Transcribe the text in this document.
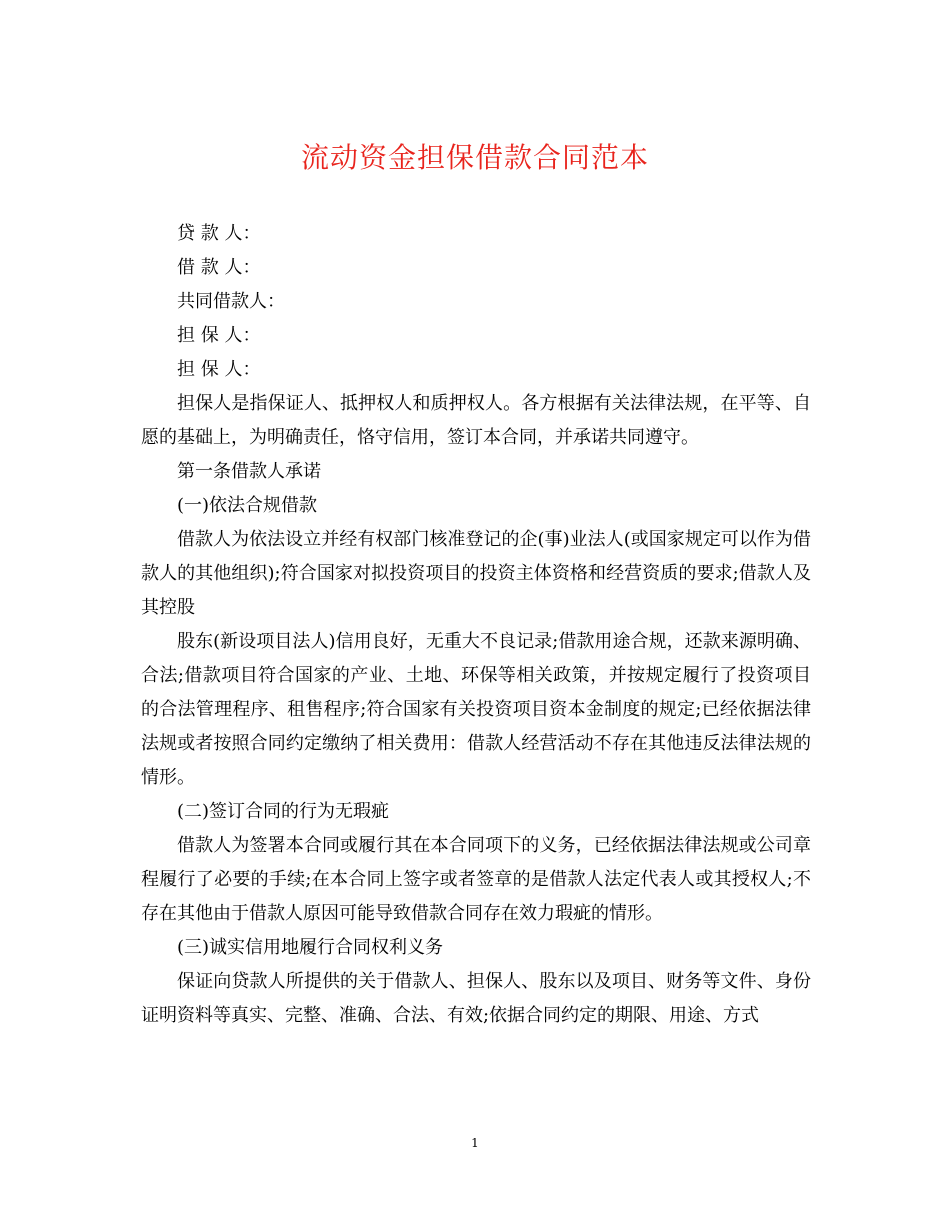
流动资金担保借款合同范本

贷 款 人：

借 款 人：

共同借款人：

担 保 人：

担 保 人：

担保人是指保证人、抵押权人和质押权人。各方根据有关法律法规，在平等、自愿的基础上，为明确责任，恪守信用，签订本合同，并承诺共同遵守。

第一条借款人承诺

(一)依法合规借款

借款人为依法设立并经有权部门核准登记的企(事)业法人(或国家规定可以作为借款人的其他组织);符合国家对拟投资项目的投资主体资格和经营资质的要求;借款人及其控股

股东(新设项目法人)信用良好，无重大不良记录;借款用途合规，还款来源明确、合法;借款项目符合国家的产业、土地、环保等相关政策，并按规定履行了投资项目的合法管理程序、租售程序;符合国家有关投资项目资本金制度的规定;已经依据法律法规或者按照合同约定缴纳了相关费用：借款人经营活动不存在其他违反法律法规的情形。

(二)签订合同的行为无瑕疵

借款人为签署本合同或履行其在本合同项下的义务，已经依据法律法规或公司章程履行了必要的手续;在本合同上签字或者签章的是借款人法定代表人或其授权人;不存在其他由于借款人原因可能导致借款合同存在效力瑕疵的情形。

(三)诚实信用地履行合同权利义务

保证向贷款人所提供的关于借款人、担保人、股东以及项目、财务等文件、身份证明资料等真实、完整、准确、合法、有效;依据合同约定的期限、用途、方式

1
